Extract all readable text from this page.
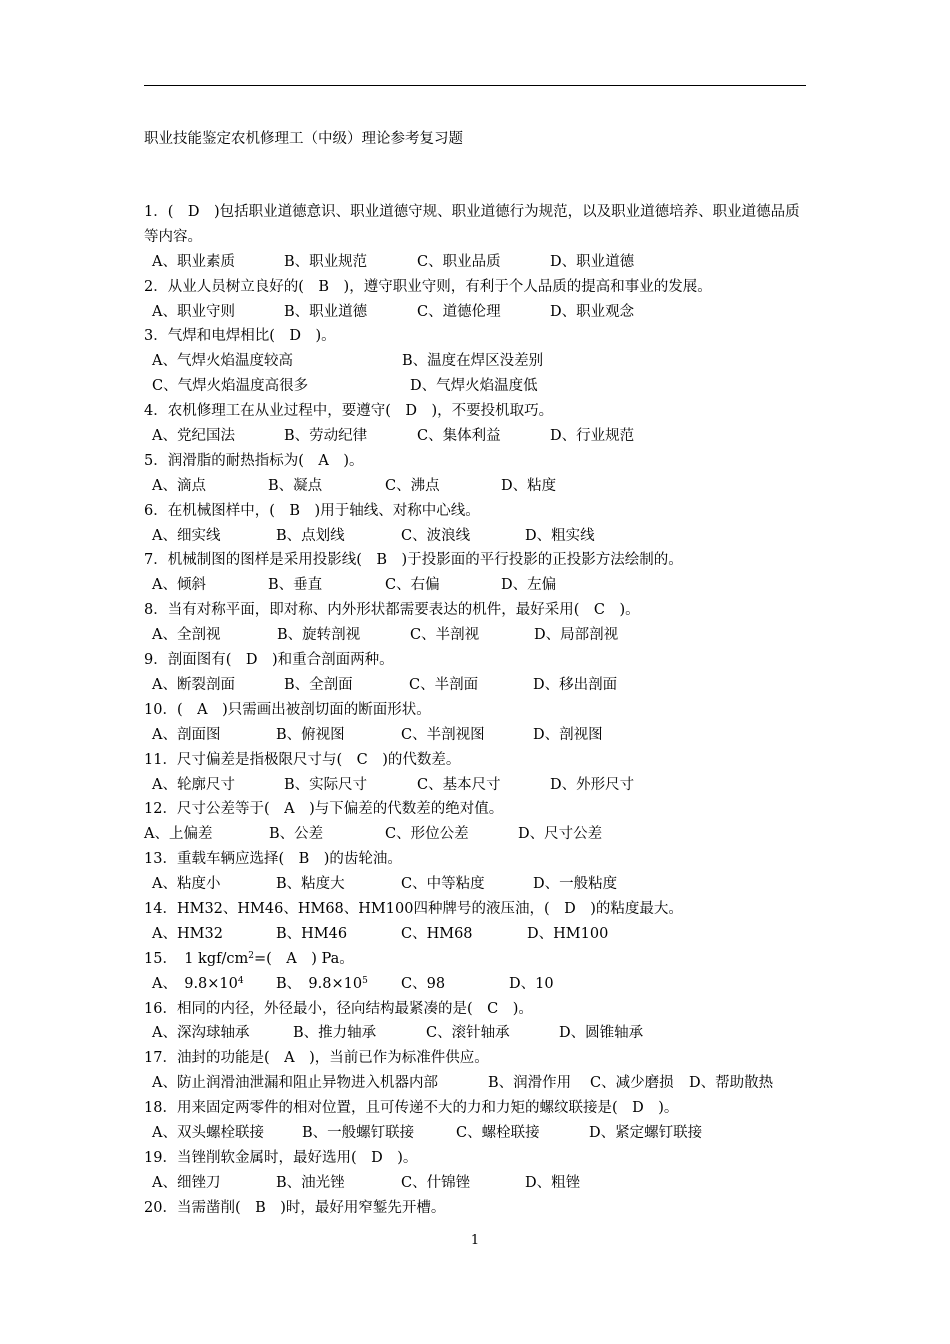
职业技能鉴定农机修理工（中级）理论参考复习题
1．(　D　)包括职业道德意识、职业道德守规、职业道德行为规范，以及职业道德培养、职业道德品质等内容。
A、职业素质	B、职业规范	C、职业品质	D、职业道德
2．从业人员树立良好的(　B　)，遵守职业守则，有利于个人品质的提高和事业的发展。
A、职业守则	B、职业道德	C、道德伦理	D、职业观念
3．气焊和电焊相比(　D　)。
A、气焊火焰温度较高	B、温度在焊区没差别
C、气焊火焰温度高很多	D、气焊火焰温度低
4．农机修理工在从业过程中，要遵守(　D　)，不要投机取巧。
A、党纪国法	B、劳动纪律	C、集体利益	D、行业规范
5．润滑脂的耐热指标为(　A　)。
A、滴点	B、凝点	C、沸点	D、粘度
6．在机械图样中，(　B　)用于轴线、对称中心线。
A、细实线	B、点划线	C、波浪线	D、粗实线
7．机械制图的图样是采用投影线(　B　)于投影面的平行投影的正投影方法绘制的。
A、倾斜	B、垂直	C、右偏	D、左偏
8．当有对称平面，即对称、内外形状都需要表达的机件，最好采用(　C　)。
A、全剖视	B、旋转剖视	C、半剖视	D、局部剖视
9．剖面图有(　D　)和重合剖面两种。
A、断裂剖面	B、全剖面	C、半剖面	D、移出剖面
10．(　A　)只需画出被剖切面的断面形状。
A、剖面图	B、俯视图	C、半剖视图	D、剖视图
11．尺寸偏差是指极限尺寸与(　C　)的代数差。
A、轮廓尺寸	B、实际尺寸	C、基本尺寸	D、外形尺寸
12．尺寸公差等于(　A　)与下偏差的代数差的绝对值。
A、上偏差	B、公差	C、形位公差	D、尺寸公差
13．重载车辆应选择(　B　)的齿轮油。
A、粘度小	B、粘度大	C、中等粘度	D、一般粘度
14．HM32、HM46、HM68、HM100四种牌号的液压油，(　D　)的粘度最大。
A、HM32	B、HM46	C、HM68	D、HM100
15．　1 kgf/$cm^2=$(　A　) Pa。
A、　$9.8\times 10^4$ B、　$9.8\times 10^5$ C、98	D、10
16．相同的内径，外径最小，径向结构最紧凑的是(　C　)。
A、深沟球轴承	B、推力轴承	C、滚针轴承	D、圆锥轴承
17．油封的功能是(　A　)，当前已作为标准件供应。
A、防止润滑油泄漏和阻止异物进入机器内部	B、润滑作用 C、减少磨损 D、帮助散热
18．用来固定两零件的相对位置，且可传递不大的力和力矩的螺纹联接是(　D　)。
A、双头螺栓联接	B、一般螺钉联接	C、螺栓联接	D、紧定螺钉联接
19．当锉削软金属时，最好选用(　D　)。
A、细锉刀	B、油光锉	C、什锦锉	D、粗锉
20．当需凿削(　B　)时，最好用窄錾先开槽。
1
